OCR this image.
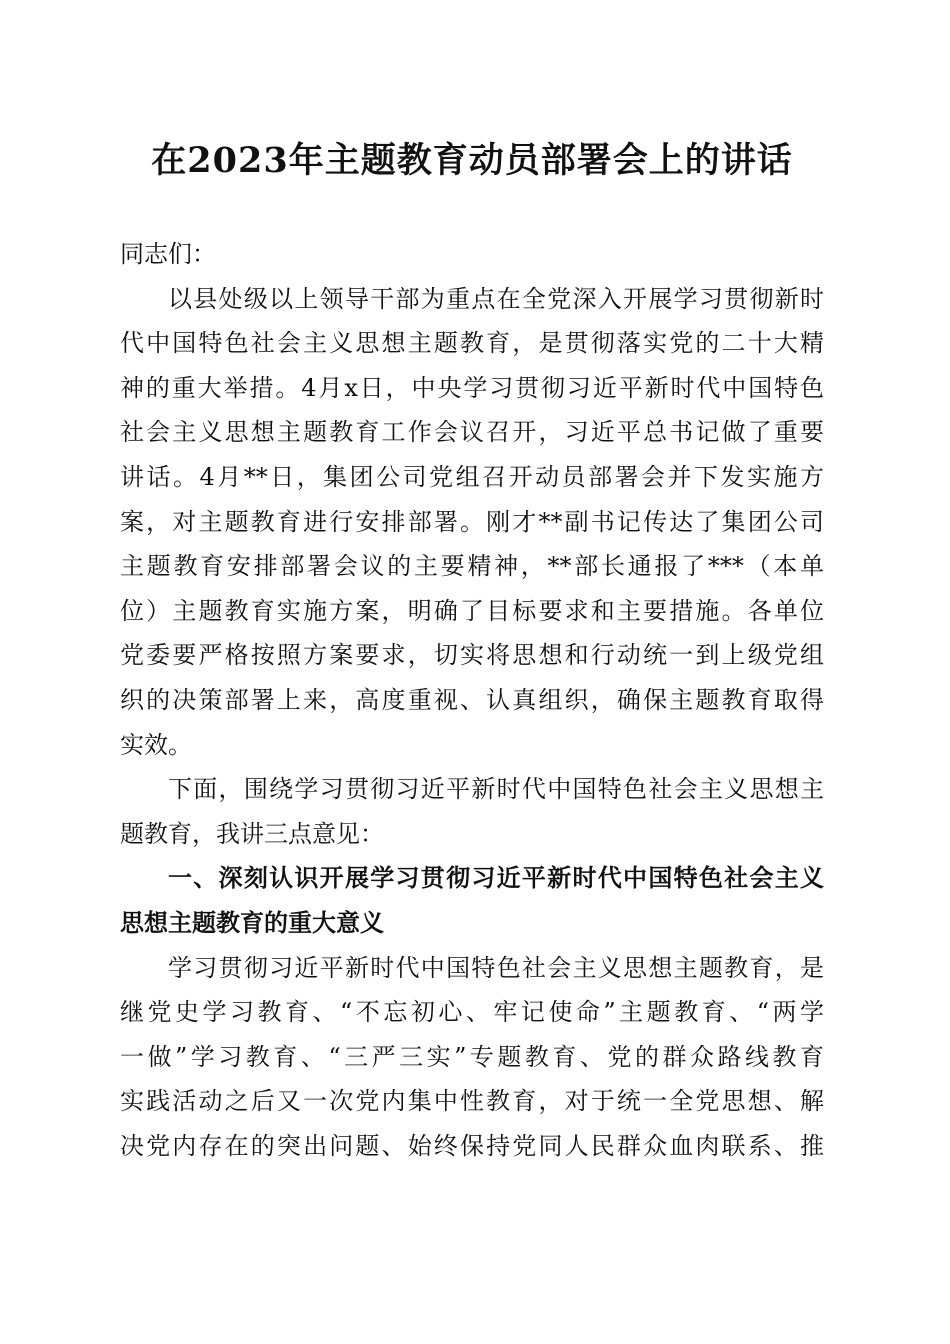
在2023年主题教育动员部署会上的讲话
同志们：
以县处级以上领导干部为重点在全党深入开展学习贯彻新时
代中国特色社会主义思想主题教育，是贯彻落实党的二十大精
神的重大举措。4月x日，中央学习贯彻习近平新时代中国特色
社会主义思想主题教育工作会议召开，习近平总书记做了重要
讲话。4月**日，集团公司党组召开动员部署会并下发实施方
案，对主题教育进行安排部署。刚才**副书记传达了集团公司
主题教育安排部署会议的主要精神，**部长通报了***（本单
位）主题教育实施方案，明确了目标要求和主要措施。各单位
党委要严格按照方案要求，切实将思想和行动统一到上级党组
织的决策部署上来，高度重视、认真组织，确保主题教育取得
实效。
下面，围绕学习贯彻习近平新时代中国特色社会主义思想主
题教育，我讲三点意见：
一、深刻认识开展学习贯彻习近平新时代中国特色社会主义
思想主题教育的重大意义
学习贯彻习近平新时代中国特色社会主义思想主题教育，是
继党史学习教育、“不忘初心、牢记使命”主题教育、“两学
一做”学习教育、“三严三实”专题教育、党的群众路线教育
实践活动之后又一次党内集中性教育，对于统一全党思想、解
决党内存在的突出问题、始终保持党同人民群众血肉联系、推
